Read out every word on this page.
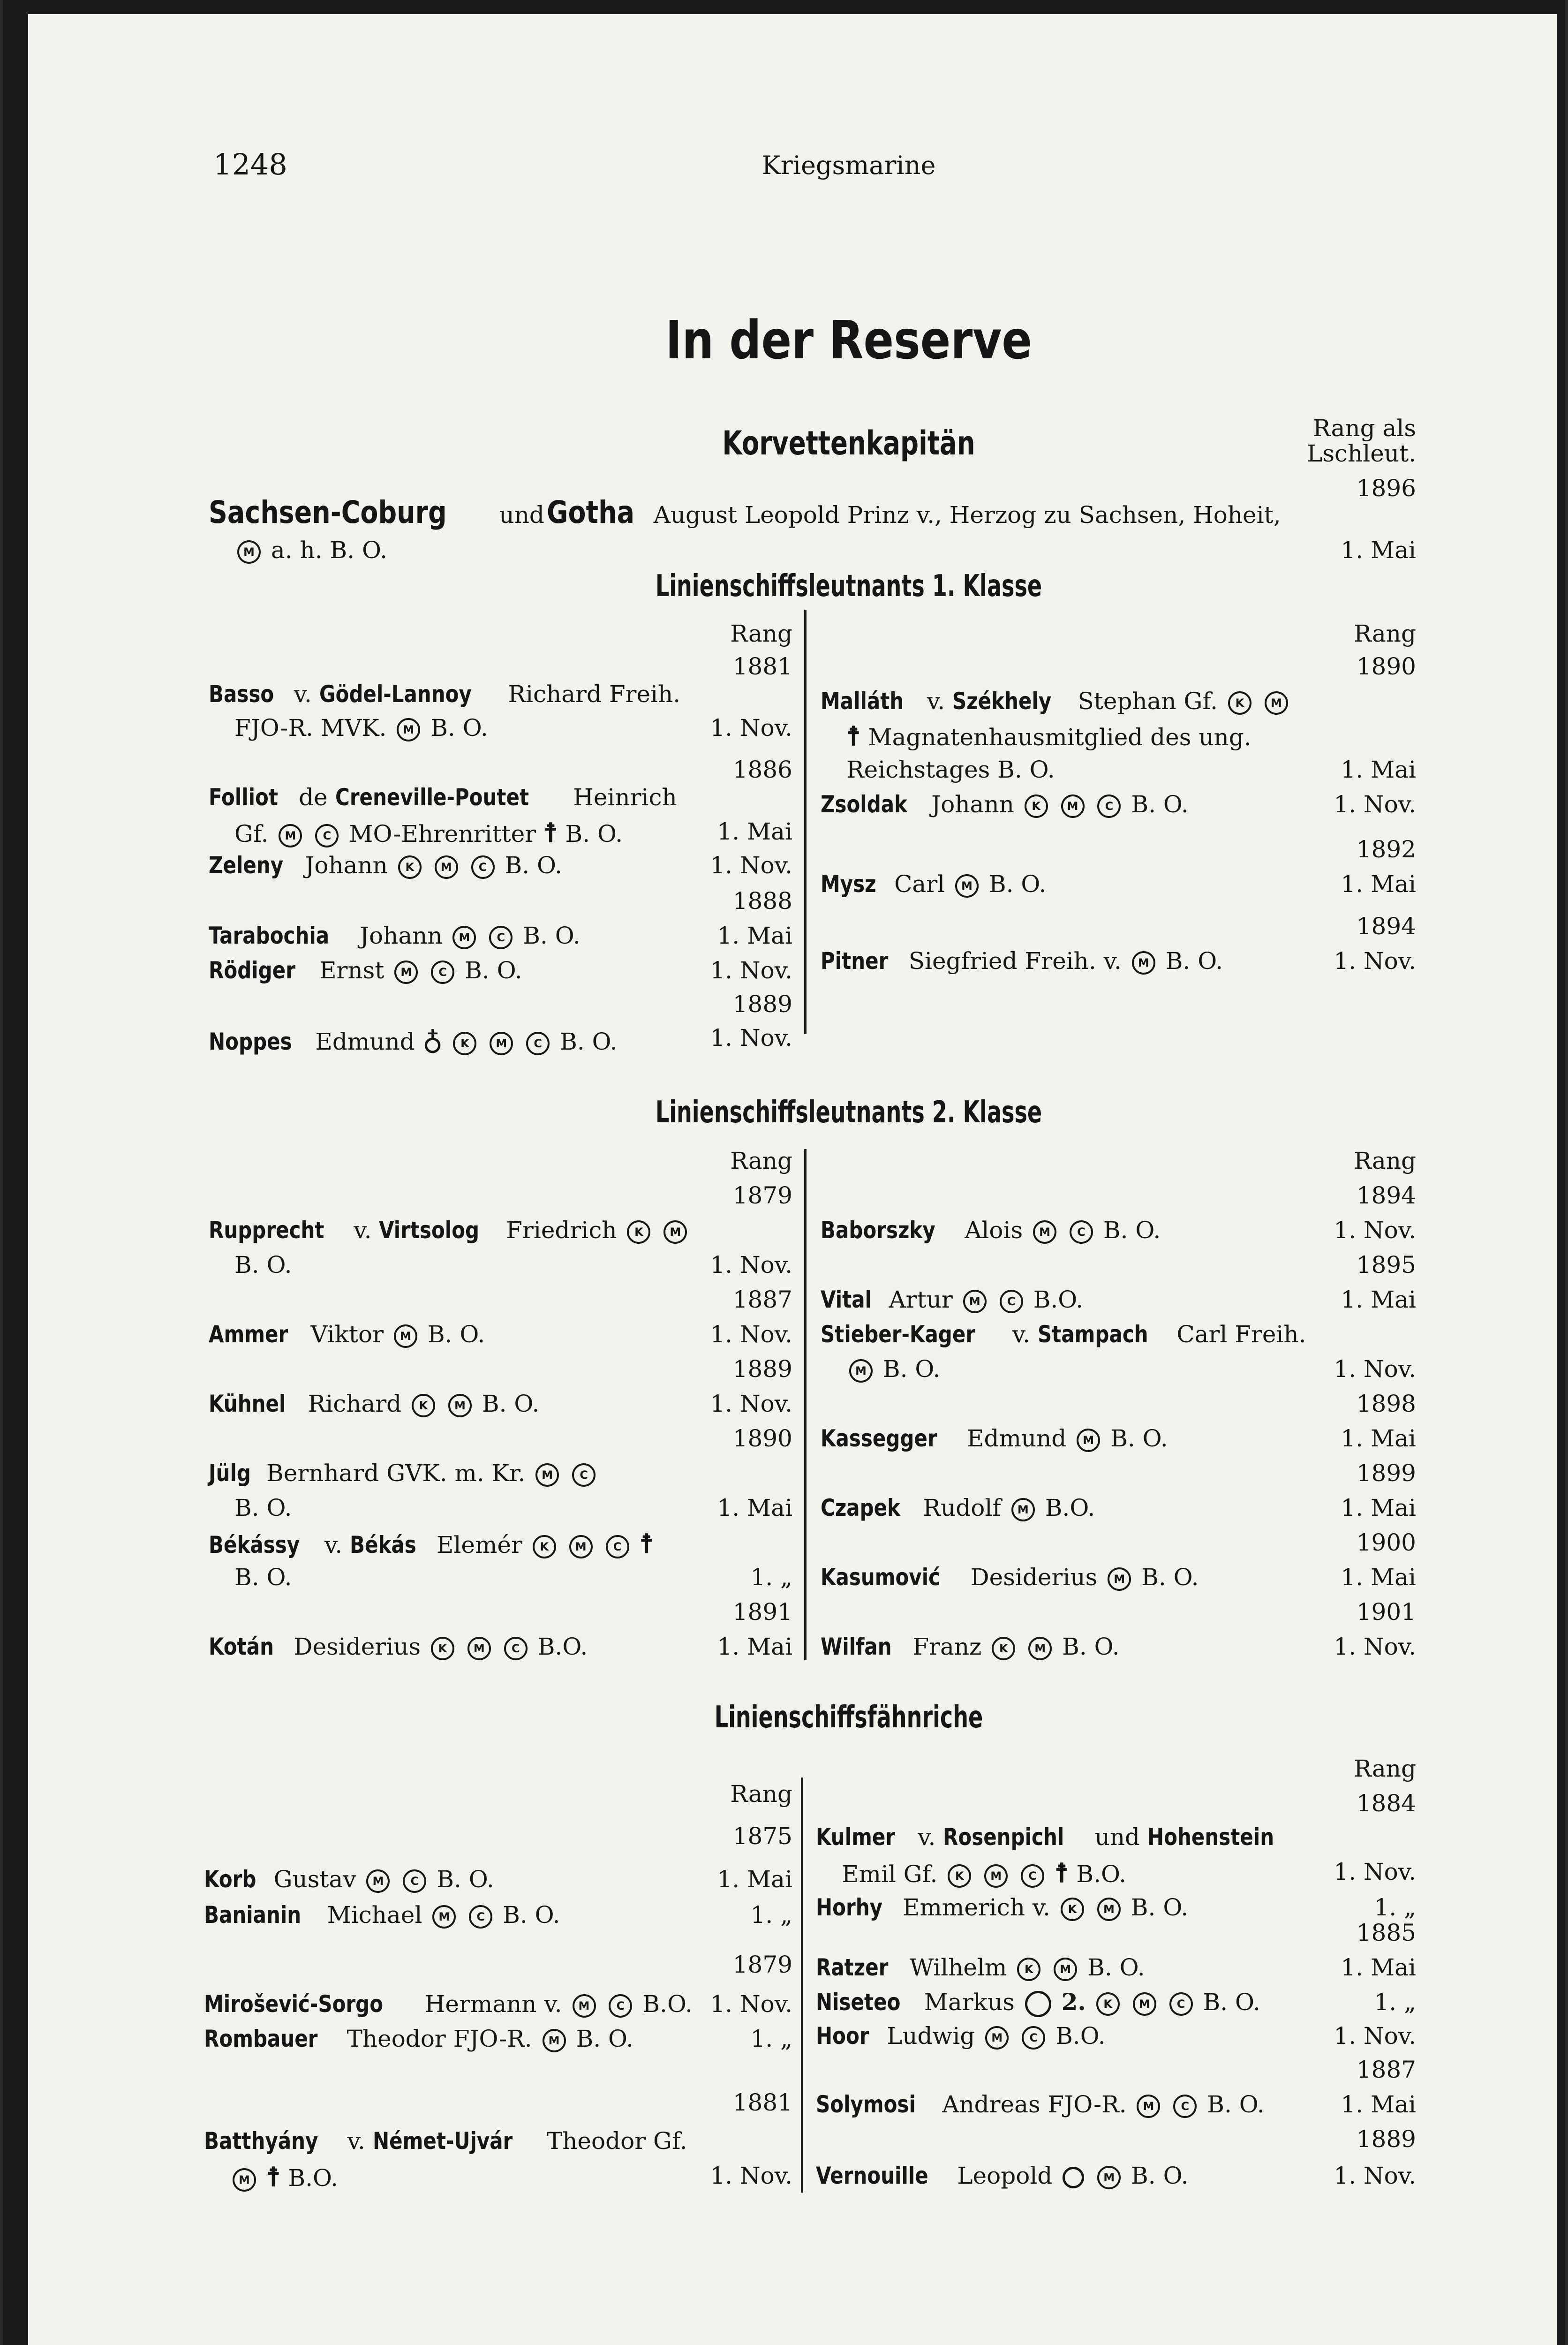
1248	Kriegsmarine
In der Reserve
Korvettenkapitän	Rang als
Lschleut.
1896
Sachsen-Coburg und Gotha August Leopold Prinz v., Herzog zu Sachsen, Hoheit,
M a. h. B. O.	1. Mai
Linienschiffsleutnants 1. Klasse
Rang	Rang
1881
Basso v. Gödel-Lannoy Richard Freih.
FJO-R. MVK. M B. O.	1. Nov.
1886
Folliot de Creneville-Poutet Heinrich
Gf. M C MO-Ehrenritter ☨ B. O.	1. Mai
Zeleny Johann K M C B. O.	1. Nov.
1888
Tarabochia Johann M C B. O.	1. Mai
Rödiger Ernst M C B. O.	1. Nov.
1889
Noppes Edmund ♁ K M C B. O.	1. Nov.
1890
Malláth v. Székhely Stephan Gf. K M
☨ Magnatenhausmitglied des ung.
Reichstages B. O.	1. Mai
Zsoldak Johann K M C B. O.	1. Nov.
1892
Mysz Carl M B. O.	1. Mai
1894
Pitner Siegfried Freih. v. M B. O.	1. Nov.
Linienschiffsleutnants 2. Klasse
Rang	Rang
1879
Rupprecht v. Virtsolog Friedrich K M
B. O.	1. Nov.
1887
Ammer Viktor M B. O.	1. Nov.
1889
Kühnel Richard K M B. O.	1. Nov.
1890
Jülg Bernhard GVK. m. Kr. M C
B. O.	1. Mai
Békássy v. Békás Elemér K M C ☨
B. O.	1. „
1891
Kotán Desiderius K M C B.O.	1. Mai
1894
Baborszky Alois M C B. O.	1. Nov.
1895
Vital Artur M C B.O.	1. Mai
Stieber-Kager v. Stampach Carl Freih.
M B. O.	1. Nov.
1898
Kassegger Edmund M B. O.	1. Mai
1899
Czapek Rudolf M B.O.	1. Mai
1900
Kasumović Desiderius M B. O.	1. Mai
1901
Wilfan Franz K M B. O.	1. Nov.
Linienschiffsfähnriche
Rang
Rang
1875
Korb Gustav M C B. O.	1. Mai
Banianin Michael M C B. O.	1. „
1879
Mirošević-Sorgo Hermann v. M C B.O. 1. Nov.
Rombauer Theodor FJO-R. M B. O.	1. „
1881
Batthyány v. Német-Ujvár Theodor Gf.
M ☨ B.O.	1. Nov.
1884
Kulmer v. Rosenpichl und Hohenstein
Emil Gf. K M C ☨ B.O.	1. Nov.
Horhy Emmerich v. K M B. O.	1. „
1885
Ratzer Wilhelm K M B. O.	1. Mai
Niseteo Markus 2. K M C B. O.	1. „
Hoor Ludwig M C B.O.	1. Nov.
1887
Solymosi Andreas FJO-R. M C B. O.	1. Mai
1889
Vernouille Leopold	M B. O.	1. Nov.
